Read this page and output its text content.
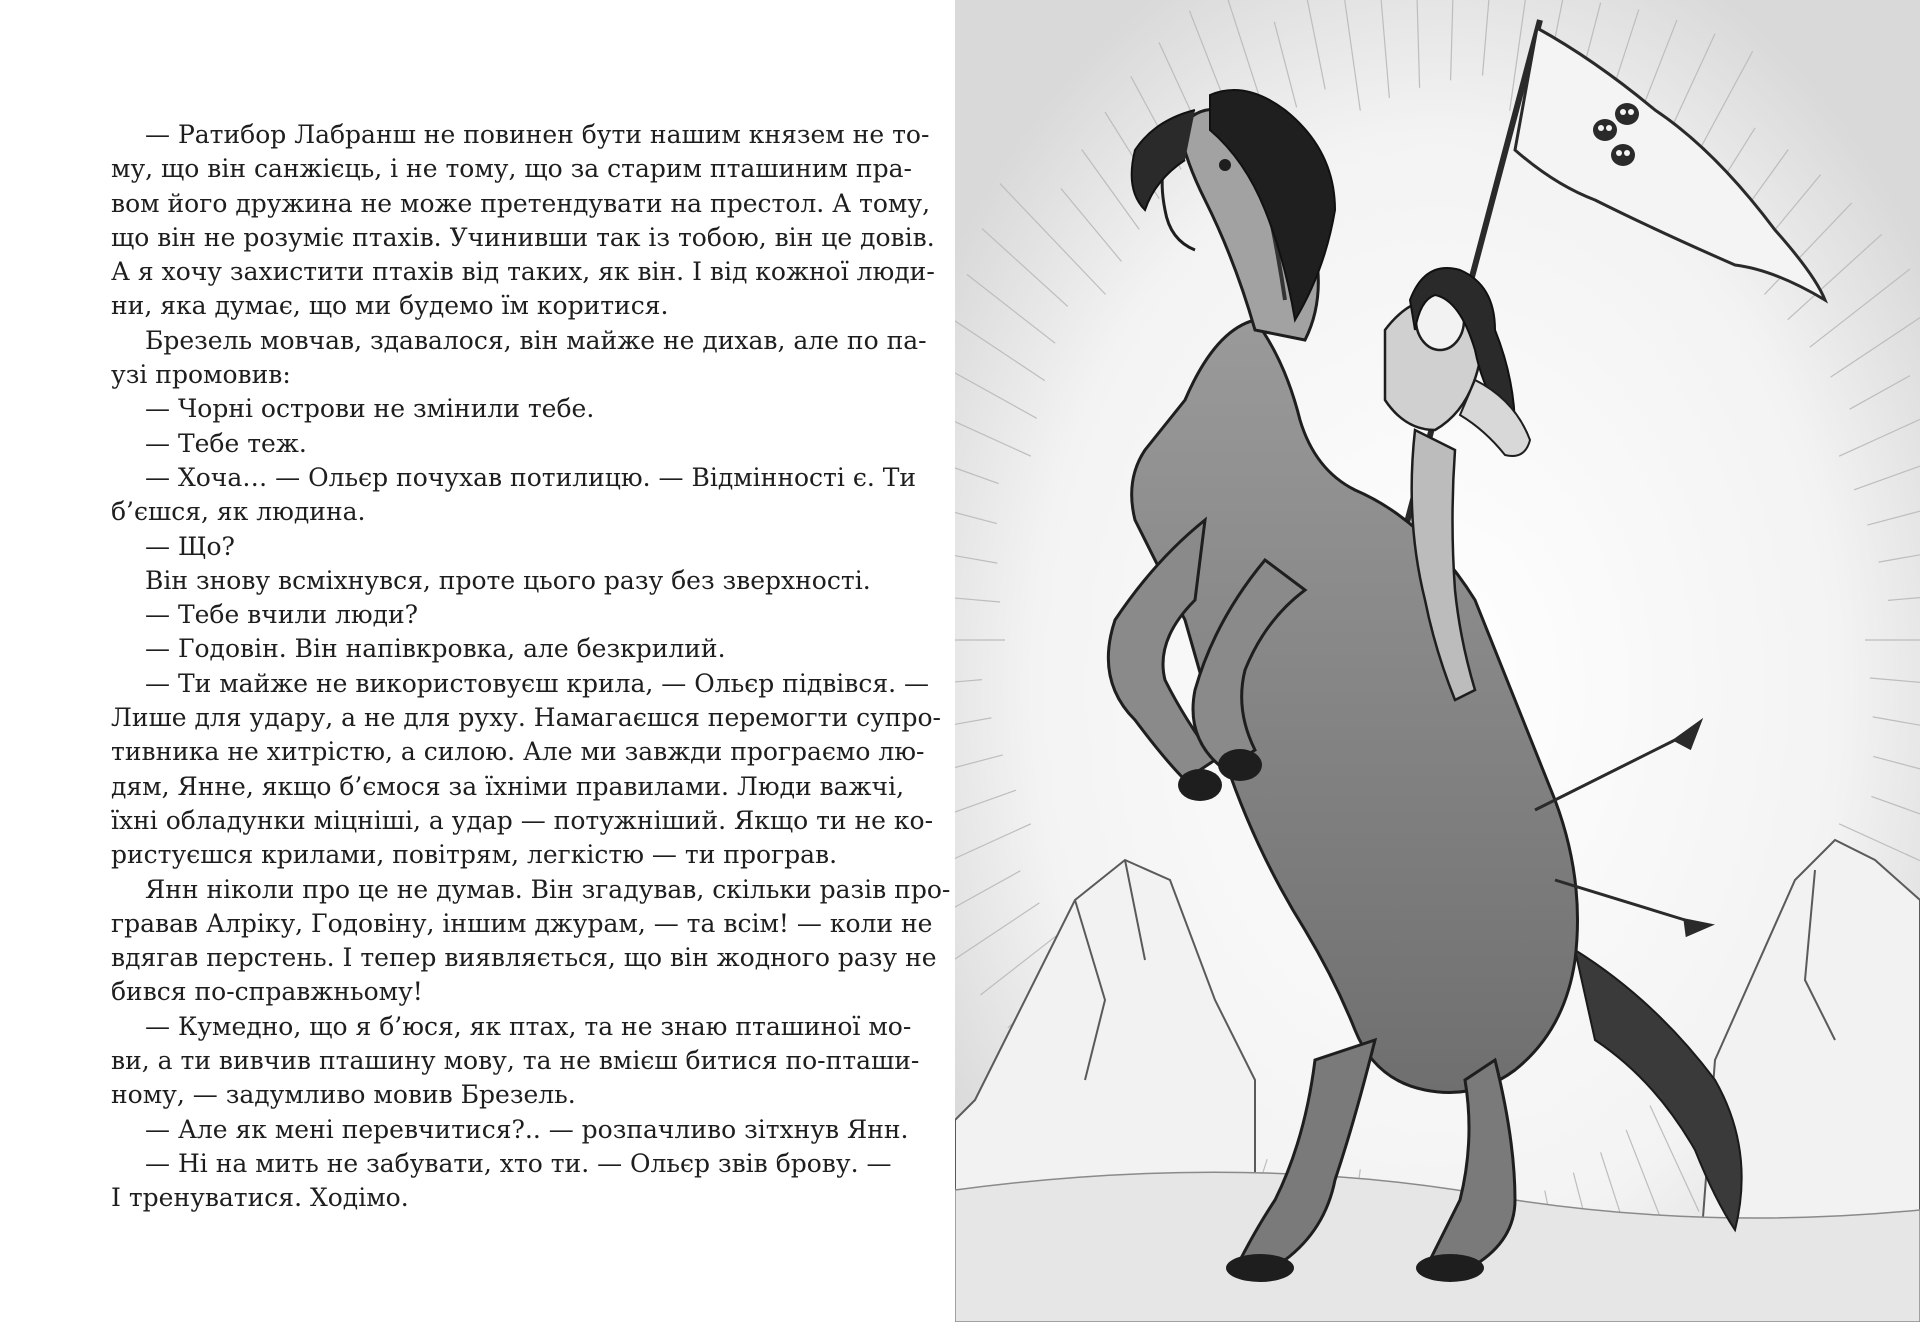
— Ратибор Лабранш не повинен бути нашим князем не то-
му, що він санжієць, і не тому, що за старим пташиним пра-
вом його дружина не може претендувати на престол. А тому,
що він не розуміє птахів. Учинивши так із тобою, він це довів.
А я хочу захистити птахів від таких, як він. І від кожної люди-
ни, яка думає, що ми будемо їм коритися.
Брезель мовчав, здавалося, він майже не дихав, але по па-
узі промовив:
— Чорні острови не змінили тебе.
— Тебе теж.
— Хоча… — Ольєр почухав потилицю. — Відмінності є. Ти
б’єшся, як людина.
— Що?
Він знову всміхнувся, проте цього разу без зверхності.
— Тебе вчили люди?
— Годовін. Він напівкровка, але безкрилий.
— Ти майже не використовуєш крила, — Ольєр підвівся. —
Лише для удару, а не для руху. Намагаєшся перемогти супро-
тивника не хитрістю, а силою. Але ми завжди програємо лю-
дям, Янне, якщо б’ємося за їхніми правилами. Люди важчі,
їхні обладунки міцніші, а удар — потужніший. Якщо ти не ко-
ристуєшся крилами, повітрям, легкістю — ти програв.
Янн ніколи про це не думав. Він згадував, скільки разів про-
гравав Алріку, Годовіну, іншим джурам, — та всім! — коли не
вдягав перстень. І тепер виявляється, що він жодного разу не
бився по-справжньому!
— Кумедно, що я б’юся, як птах, та не знаю пташиної мо-
ви, а ти вивчив пташину мову, та не вмієш битися по-пташи-
ному, — задумливо мовив Брезель.
— Але як мені перевчитися?.. — розпачливо зітхнув Янн.
— Ні на мить не забувати, хто ти. — Ольєр звів брову. —
І тренуватися. Ходімо.
